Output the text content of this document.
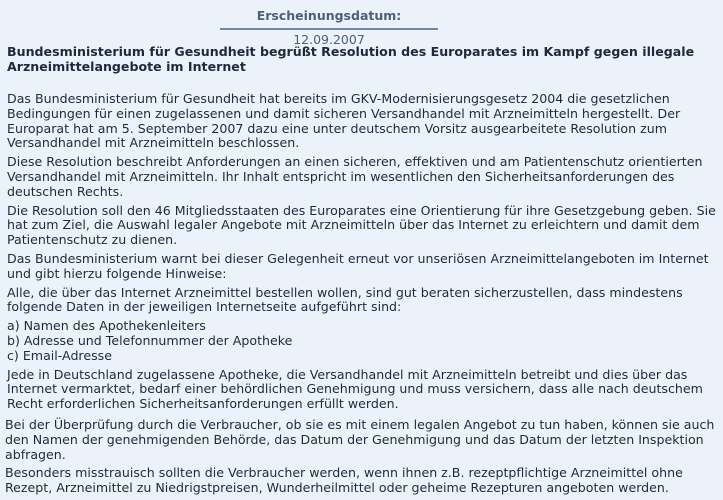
Erscheinungsdatum: 12.09.2007
Bundesministerium für Gesundheit begrüßt Resolution des Europarates im Kampf gegen illegale Arzneimittelangebote im Internet

Das Bundesministerium für Gesundheit hat bereits im GKV-Modernisierungsgesetz 2004 die gesetzlichen Bedingungen für einen zugelassenen und damit sicheren Versandhandel mit Arzneimitteln hergestellt. Der Europarat hat am 5. September 2007 dazu eine unter deutschem Vorsitz ausgearbeitete Resolution zum Versandhandel mit Arzneimitteln beschlossen.

Diese Resolution beschreibt Anforderungen an einen sicheren, effektiven und am Patientenschutz orientierten Versandhandel mit Arzneimitteln. Ihr Inhalt entspricht im wesentlichen den Sicherheitsanforderungen des deutschen Rechts.

Die Resolution soll den 46 Mitgliedsstaaten des Europarates eine Orientierung für ihre Gesetzgebung geben. Sie hat zum Ziel, die Auswahl legaler Angebote mit Arzneimitteln über das Internet zu erleichtern und damit dem Patientenschutz zu dienen.

Das Bundesministerium warnt bei dieser Gelegenheit erneut vor unseriösen Arzneimittelangeboten im Internet und gibt hierzu folgende Hinweise:

Alle, die über das Internet Arzneimittel bestellen wollen, sind gut beraten sicherzustellen, dass mindestens folgende Daten in der jeweiligen Internetseite aufgeführt sind:

a) Namen des Apothekenleiters
b) Adresse und Telefonnummer der Apotheke
c) Email-Adresse

Jede in Deutschland zugelassene Apotheke, die Versandhandel mit Arzneimitteln betreibt und dies über das Internet vermarktet, bedarf einer behördlichen Genehmigung und muss versichern, dass alle nach deutschem Recht erforderlichen Sicherheitsanforderungen erfüllt werden.

Bei der Überprüfung durch die Verbraucher, ob sie es mit einem legalen Angebot zu tun haben, können sie auch den Namen der genehmigenden Behörde, das Datum der Genehmigung und das Datum der letzten Inspektion abfragen.

Besonders misstrauisch sollten die Verbraucher werden, wenn ihnen z.B. rezeptpflichtige Arzneimittel ohne Rezept, Arzneimittel zu Niedrigstpreisen, Wunderheilmittel oder geheime Rezepturen angeboten werden.
